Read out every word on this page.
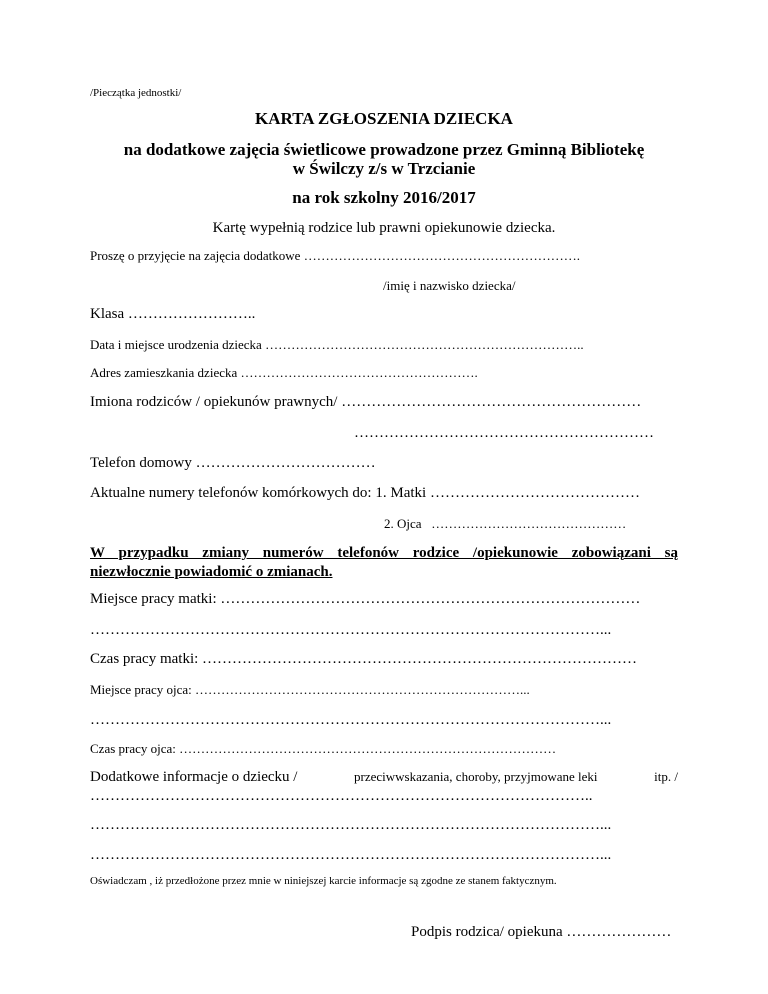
/Pieczątka jednostki/
KARTA ZGŁOSZENIA DZIECKA
na dodatkowe zajęcia świetlicowe prowadzone przez Gminną Bibliotekę
w Świlczy z/s w Trzcianie
na rok szkolny 2016/2017
Kartę wypełnią rodzice lub prawni opiekunowie dziecka.
Proszę o przyjęcie na zajęcia dodatkowe ……………………………………………………….
/imię i nazwisko dziecka/
Klasa ……………………..
Data i miejsce urodzenia dziecka ………………………………………………………………..
Adres zamieszkania dziecka ……………………………………………….
Imiona rodziców / opiekunów prawnych/ ……………………………………………………
……………………………………………………
Telefon domowy ………………………………
Aktualne numery telefonów komórkowych do: 1. Matki ……………………………………
2. Ojca ………………………………………
W przypadku zmiany numerów telefonów rodzice /opiekunowie zobowiązani są
niezwłocznie powiadomić o zmianach.
Miejsce pracy matki: …………………………………………………………………………
…………………………………………………………………………………………...
Czas pracy matki: ……………………………………………………………………………
Miejsce pracy ojca: …………………………………………………………………...
…………………………………………………………………………………………...
Czas pracy ojca: ……………………………………………………………………………
Dodatkowe informacje o dziecku /	przeciwwskazania, choroby, przyjmowane leki	itp. /
………………………………………………………………………………………..
…………………………………………………………………………………………...
…………………………………………………………………………………………...
Oświadczam , iż przedłożone przez mnie w niniejszej karcie informacje są zgodne ze stanem faktycznym.
Podpis rodzica/ opiekuna …………………
